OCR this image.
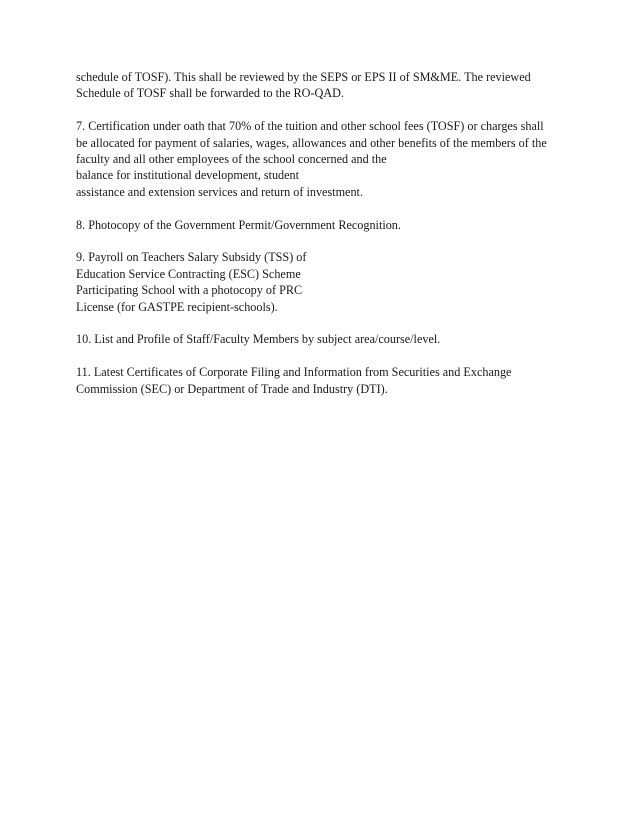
schedule of TOSF). This shall be reviewed by the SEPS or EPS II of SM&ME. The reviewed
Schedule of TOSF shall be forwarded to the RO-QAD.

7. Certification under oath that 70% of the tuition and other school fees (TOSF) or charges shall
be allocated for payment of salaries, wages, allowances and other benefits of the members of the
faculty and all other employees of the school concerned and the
balance for institutional development, student
assistance and extension services and return of investment.

8. Photocopy of the Government Permit/Government Recognition.

9. Payroll on Teachers Salary Subsidy (TSS) of
Education Service Contracting (ESC) Scheme
Participating School with a photocopy of PRC
License (for GASTPE recipient-schools).

10. List and Profile of Staff/Faculty Members by subject area/course/level.

11. Latest Certificates of Corporate Filing and Information from Securities and Exchange
Commission (SEC) or Department of Trade and Industry (DTI).
